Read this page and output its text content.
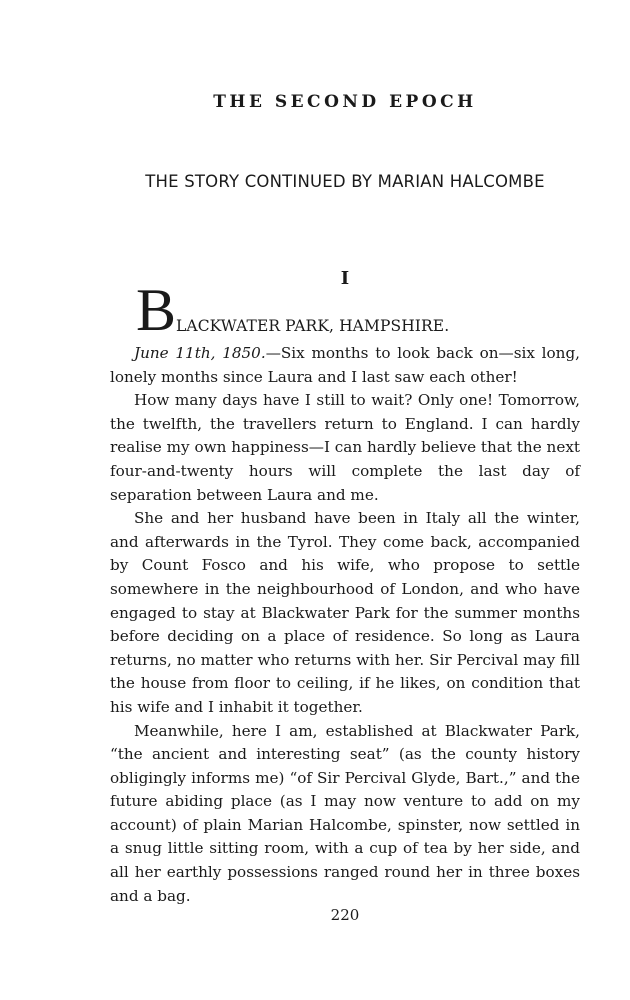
THE SECOND EPOCH
THE STORY CONTINUED BY MARIAN HALCOMBE
I
BLACKWATER PARK, HAMPSHIRE.

June 11th, 1850.—Six months to look back on—six long, lonely months since Laura and I last saw each other!

How many days have I still to wait? Only one! Tomorrow, the twelfth, the travellers return to England. I can hardly realise my own happiness—I can hardly believe that the next four-and-twenty hours will complete the last day of separation between Laura and me.

She and her husband have been in Italy all the winter, and afterwards in the Tyrol. They come back, accompanied by Count Fosco and his wife, who propose to settle somewhere in the neighbourhood of London, and who have engaged to stay at Blackwater Park for the summer months before deciding on a place of residence. So long as Laura returns, no matter who returns with her. Sir Percival may fill the house from floor to ceiling, if he likes, on condition that his wife and I inhabit it together.

Meanwhile, here I am, established at Blackwater Park, “the ancient and interesting seat” (as the county history obligingly informs me) “of Sir Percival Glyde, Bart.,” and the future abiding place (as I may now venture to add on my account) of plain Marian Halcombe, spinster, now settled in a snug little sitting room, with a cup of tea by her side, and all her earthly possessions ranged round her in three boxes and a bag.

220
